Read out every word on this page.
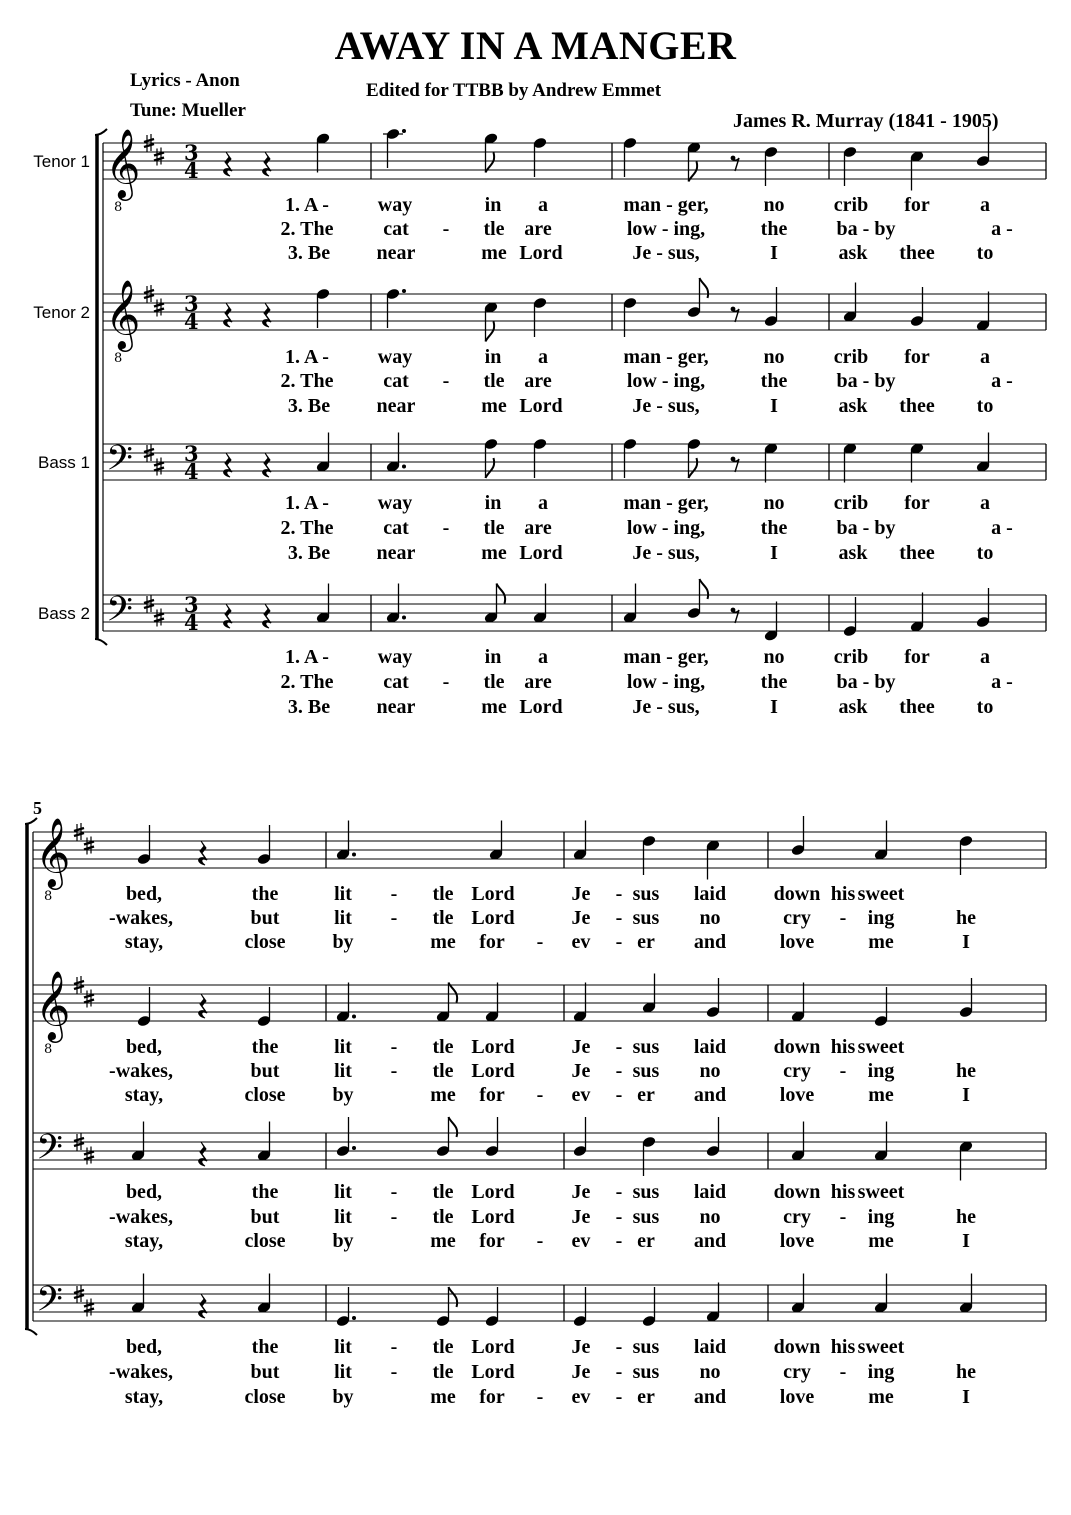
AWAY IN A MANGER
Lyrics - Anon
Tune: Mueller
Edited for TTBB by Andrew Emmet
James R. Murray (1841 - 1905)
Tenor 1
Tenor 2
Bass 1
Bass 2
5
𝄞
8
3
4
𝄞
8
3
4
𝄢 3
4
𝄢 3
4
𝄞
8
𝄞
8
𝄢
𝄢
1. A - way	in a	man - ger,	no crib for	a
2. The cat - tle are	low - ing,	the ba - by	a -
3. Be near	me Lord	Je - sus,	I	ask thee to
bed,	the	lit - tle Lord	Je - sus laid down his sweet
-wakes,	but	lit - tle Lord	Je - sus no	cry - ing	he
stay,	close by	me for - ev - er and	love	me	I
1. A - way	in a	man - ger,	no crib for	a
2. The cat - tle are	low - ing,	the ba - by	a -
3. Be near	me Lord	Je - sus,	I	ask thee to
bed,	the	lit - tle Lord	Je - sus laid down his sweet
-wakes,	but	lit - tle Lord	Je - sus no	cry - ing	he
stay,	close by	me for - ev - er and	love	me	I
1. A - way	in a	man - ger,	no crib for	a
2. The cat - tle are	low - ing,	the ba - by	a -
3. Be near	me Lord	Je - sus,	I	ask thee to
bed,	the	lit - tle Lord	Je - sus laid down his sweet
-wakes,	but	lit - tle Lord	Je - sus no	cry - ing	he
stay,	close by	me for - ev - er and	love	me	I
1. A - way	in a	man - ger,	no crib for	a
2. The cat - tle are	low - ing,	the ba - by	a -
3. Be near	me Lord	Je - sus,	I	ask thee to
bed,	the	lit - tle Lord	Je - sus laid down his sweet
-wakes,	but	lit - tle Lord	Je - sus no	cry - ing	he
stay,	close by	me for - ev - er and	love	me	I
